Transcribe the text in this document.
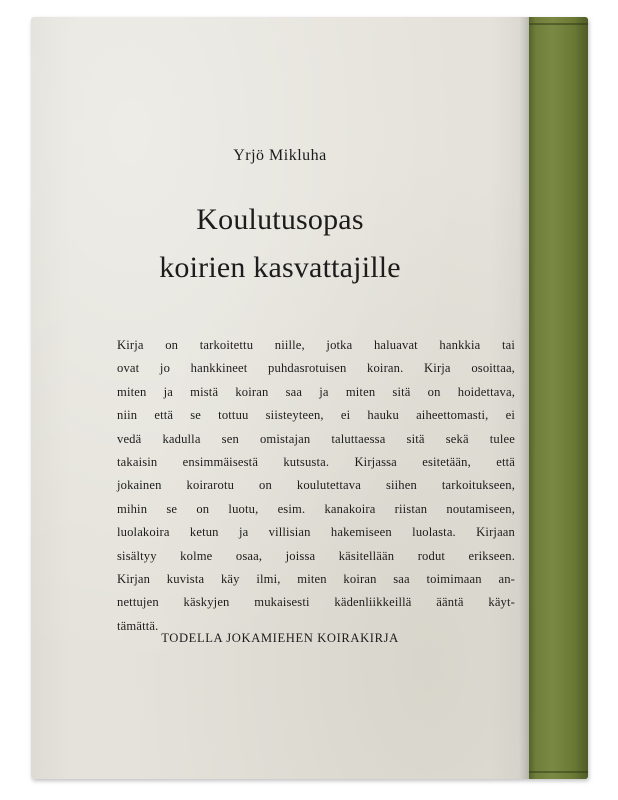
Yrjö Mikluha
Koulutusopas
koirien kasvattajille
Kirja on tarkoitettu niille, jotka haluavat hankkia tai
ovat jo hankkineet puhdasrotuisen koiran. Kirja osoittaa,
miten ja mistä koiran saa ja miten sitä on hoidettava,
niin että se tottuu siisteyteen, ei hauku aiheettomasti, ei
vedä kadulla sen omistajan taluttaessa sitä sekä tulee
takaisin ensimmäisestä kutsusta. Kirjassa esitetään, että
jokainen koirarotu on koulutettava siihen tarkoitukseen,
mihin se on luotu, esim. kanakoira riistan noutamiseen,
luolakoira ketun ja villisian hakemiseen luolasta. Kirjaan
sisältyy kolme osaa, joissa käsitellään rodut erikseen.
Kirjan kuvista käy ilmi, miten koiran saa toimimaan an-
nettujen käskyjen mukaisesti kädenliikkeillä ääntä käyt-
tämättä.
TODELLA JOKAMIEHEN KOIRAKIRJA
